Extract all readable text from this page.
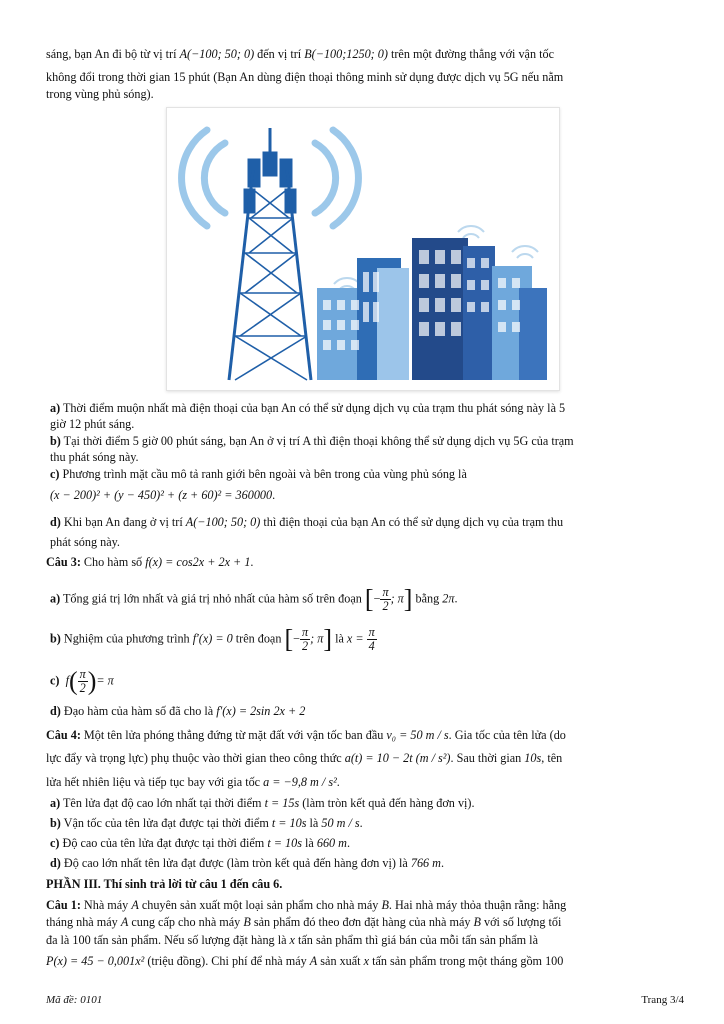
sáng, bạn An đi bộ từ vị trí A(−100; 50; 0) đến vị trí B(−100;1250; 0) trên một đường thẳng với vận tốc
không đổi trong thời gian 15 phút (Bạn An dùng điện thoại thông minh sử dụng được dịch vụ 5G nếu nằm
trong vùng phủ sóng).
a) Thời điểm muộn nhất mà điện thoại của bạn An có thể sử dụng dịch vụ của trạm thu phát sóng này là 5
giờ 12 phút sáng.
b) Tại thời điểm 5 giờ 00 phút sáng, bạn An ở vị trí A thì điện thoại không thể sử dụng dịch vụ 5G của trạm
thu phát sóng này.
c) Phương trình mặt cầu mô tả ranh giới bên ngoài và bên trong của vùng phủ sóng là
(x − 200)² + (y − 450)² + (z + 60)² = 360000.
d) Khi bạn An đang ở vị trí A(−100; 50; 0) thì điện thoại của bạn An có thể sử dụng dịch vụ của trạm thu
phát sóng này.
Câu 3: Cho hàm số f(x) = cos2x + 2x + 1.
a) Tổng giá trị lớn nhất và giá trị nhỏ nhất của hàm số trên đoạn [− $\frac{\pi}{2}$ ; π] bằng 2π.
b) Nghiệm của phương trình f′(x) = 0 trên đoạn [− $\frac{\pi}{2}$ ; π] là $x = \frac{\pi}{4}$
c) $f( \frac{\pi}{2}$ )= π
d) Đạo hàm của hàm số đã cho là f′(x) = 2sin 2x + 2
Câu 4: Một tên lửa phóng thẳng đứng từ mặt đất với vận tốc ban đầu v₀ = 50 m / s. Gia tốc của tên lửa (do
lực đẩy và trọng lực) phụ thuộc vào thời gian theo công thức a(t) = 10 − 2t (m / s²). Sau thời gian 10s, tên
lửa hết nhiên liệu và tiếp tục bay với gia tốc a = −9,8 m / s².
a) Tên lửa đạt độ cao lớn nhất tại thời điểm t = 15s (làm tròn kết quả đến hàng đơn vị).
b) Vận tốc của tên lửa đạt được tại thời điểm t = 10s là 50 m / s.
c) Độ cao của tên lửa đạt được tại thời điểm t = 10s là 660 m.
d) Độ cao lớn nhất tên lửa đạt được (làm tròn kết quả đến hàng đơn vị) là 766 m.
PHẦN III. Thí sinh trả lời từ câu 1 đến câu 6.
Câu 1: Nhà máy A chuyên sản xuất một loại sản phẩm cho nhà máy B. Hai nhà máy thỏa thuận rằng: hằng
tháng nhà máy A cung cấp cho nhà máy B sản phẩm đó theo đơn đặt hàng của nhà máy B với số lượng tối
đa là 100 tấn sản phẩm. Nếu số lượng đặt hàng là x tấn sản phẩm thì giá bán của mỗi tấn sản phẩm là
P(x) = 45 − 0,001x² (triệu đồng). Chi phí để nhà máy A sản xuất x tấn sản phẩm trong một tháng gồm 100
Mã đề: 0101	Trang 3/4
